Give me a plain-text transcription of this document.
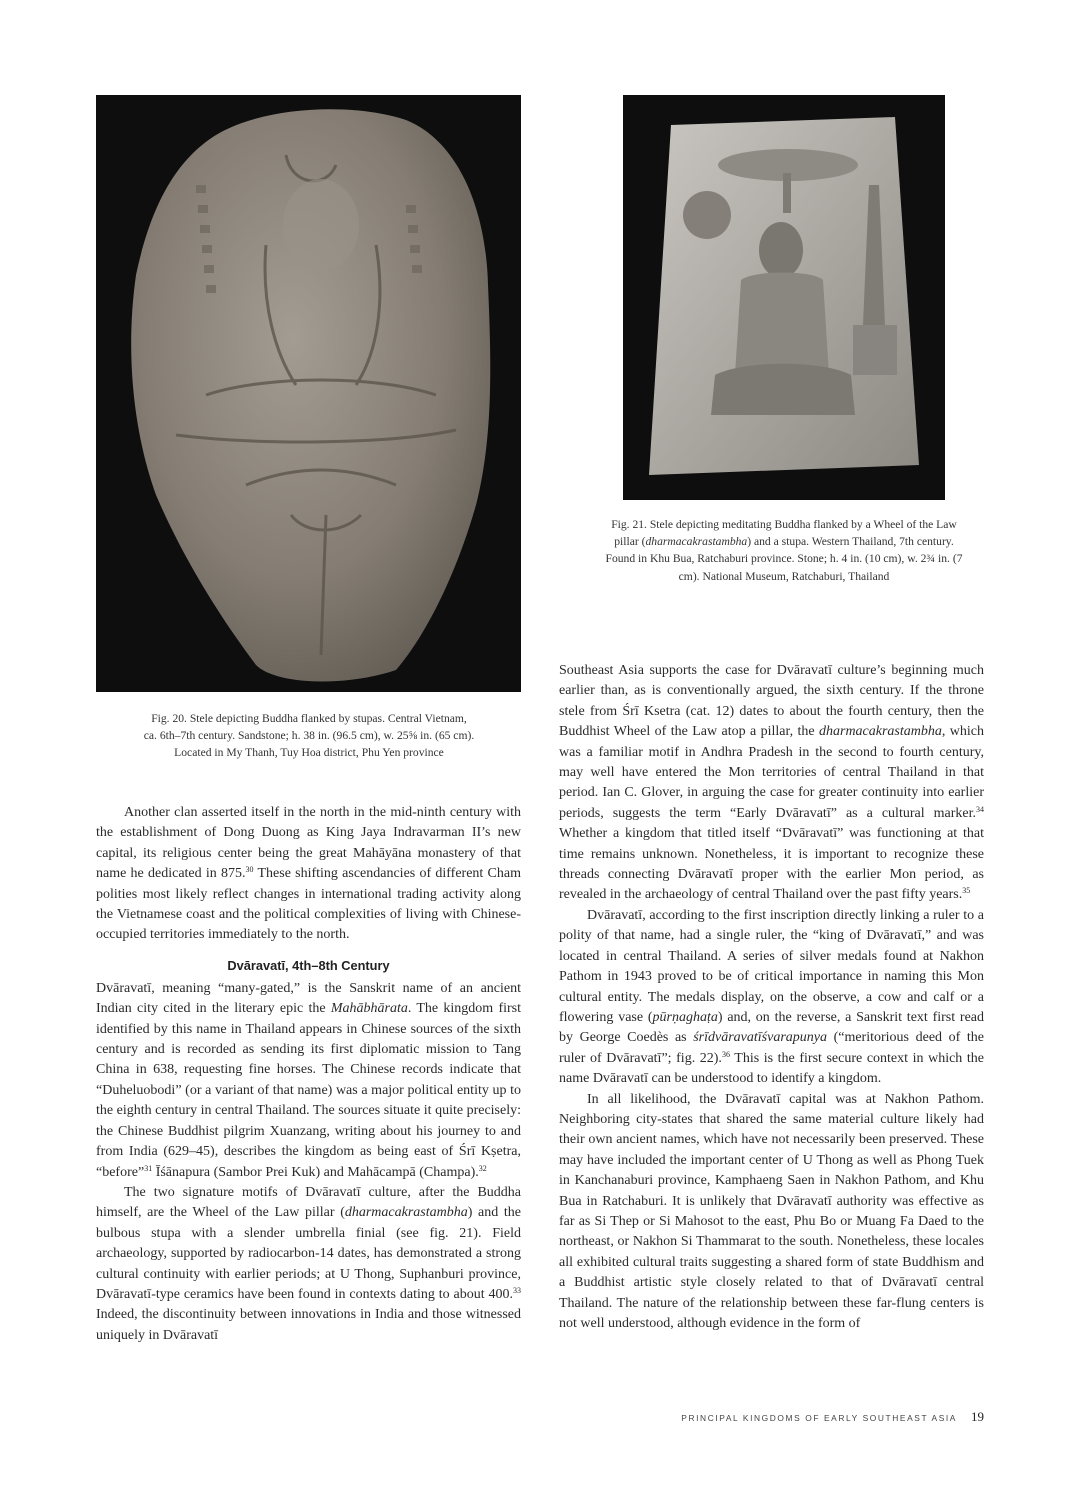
Fig. 20. Stele depicting Buddha flanked by stupas. Central Vietnam,
ca. 6th–7th century. Sandstone; h. 38 in. (96.5 cm), w. 25⅝ in. (65 cm).
Located in My Thanh, Tuy Hoa district, Phu Yen province
Fig. 21. Stele depicting meditating Buddha flanked by a Wheel of the Law pillar (dharmacakrastambha) and a stupa. Western Thailand, 7th century. Found in Khu Bua, Ratchaburi province. Stone; h. 4 in. (10 cm), w. 2¾ in. (7 cm). National Museum, Ratchaburi, Thailand

Another clan asserted itself in the north in the mid-ninth century with the establishment of Dong Duong as King Jaya Indravarman II’s new capital, its religious center being the great Mahāyāna monastery of that name he dedicated in 875.30 These shifting ascendancies of different Cham polities most likely reflect changes in international trading activity along the Vietnamese coast and the political complexities of living with Chinese-occupied territories immediately to the north.

Dvāravatī, 4th–8th Century

Dvāravatī, meaning “many-gated,” is the Sanskrit name of an ancient Indian city cited in the literary epic the Mahābhārata. The kingdom first identified by this name in Thailand appears in Chinese sources of the sixth century and is recorded as sending its first diplomatic mission to Tang China in 638, requesting fine horses. The Chinese records indicate that “Duheluobodi” (or a variant of that name) was a major political entity up to the eighth century in central Thailand. The sources situate it quite precisely: the Chinese Buddhist pilgrim Xuanzang, writing about his journey to and from India (629–45), describes the kingdom as being east of Śrī Kṣetra, “before”$^{31}$ Īśānapura (Sambor Prei Kuk) and Mahācampā (Champa).$^{32}$

The two signature motifs of Dvāravatī culture, after the Buddha himself, are the Wheel of the Law pillar (dharmacakrastambha) and the bulbous stupa with a slender umbrella finial (see fig. 21). Field archaeology, supported by radiocarbon-14 dates, has demonstrated a strong cultural continuity with earlier periods; at U Thong, Suphanburi province, Dvāravatī-type ceramics have been found in contexts dating to about 400.33 Indeed, the discontinuity between innovations in India and those witnessed uniquely in Dvāravatī

Southeast Asia supports the case for Dvāravatī culture’s beginning much earlier than, as is conventionally argued, the sixth century. If the throne stele from Śrī Ksetra (cat. 12) dates to about the fourth century, then the Buddhist Wheel of the Law atop a pillar, the dharmacakrastambha, which was a familiar motif in Andhra Pradesh in the second to fourth century, may well have entered the Mon territories of central Thailand in that period. Ian C. Glover, in arguing the case for greater continuity into earlier periods, suggests the term “Early Dvāravatī” as a cultural marker.$^{34}$ Whether a kingdom that titled itself “Dvāravatī” was functioning at that time remains unknown. Nonetheless, it is important to recognize these threads connecting Dvāravatī proper with the earlier Mon period, as revealed in the archaeology of central Thailand over the past fifty years.$^{35}$

Dvāravatī, according to the first inscription directly linking a ruler to a polity of that name, had a single ruler, the “king of Dvāravatī,” and was located in central Thailand. A series of silver medals found at Nakhon Pathom in 1943 proved to be of critical importance in naming this Mon cultural entity. The medals display, on the observe, a cow and calf or a flowering vase (pūrṇaghaṭa) and, on the reverse, a Sanskrit text first read by George Coedès as śrīdvāravatīśvarapunya (“meritorious deed of the ruler of Dvāravatī”; fig. 22).$^{36}$ This is the first secure context in which the name Dvāravatī can be understood to identify a kingdom.

In all likelihood, the Dvāravatī capital was at Nakhon Pathom. Neighboring city-states that shared the same material culture likely had their own ancient names, which have not necessarily been preserved. These may have included the important center of U Thong as well as Phong Tuek in Kanchanaburi province, Kamphaeng Saen in Nakhon Pathom, and Khu Bua in Ratchaburi. It is unlikely that Dvāravatī authority was effective as far as Si Thep or Si Mahosot to the east, Phu Bo or Muang Fa Daed to the northeast, or Nakhon Si Thammarat to the south. Nonetheless, these locales all exhibited cultural traits suggesting a shared form of state Buddhism and a Buddhist artistic style closely related to that of Dvāravatī central Thailand. The nature of the relationship between these far-flung centers is not well understood, although evidence in the form of

PRINCIPAL KINGDOMS OF EARLY SOUTHEAST ASIA 19
